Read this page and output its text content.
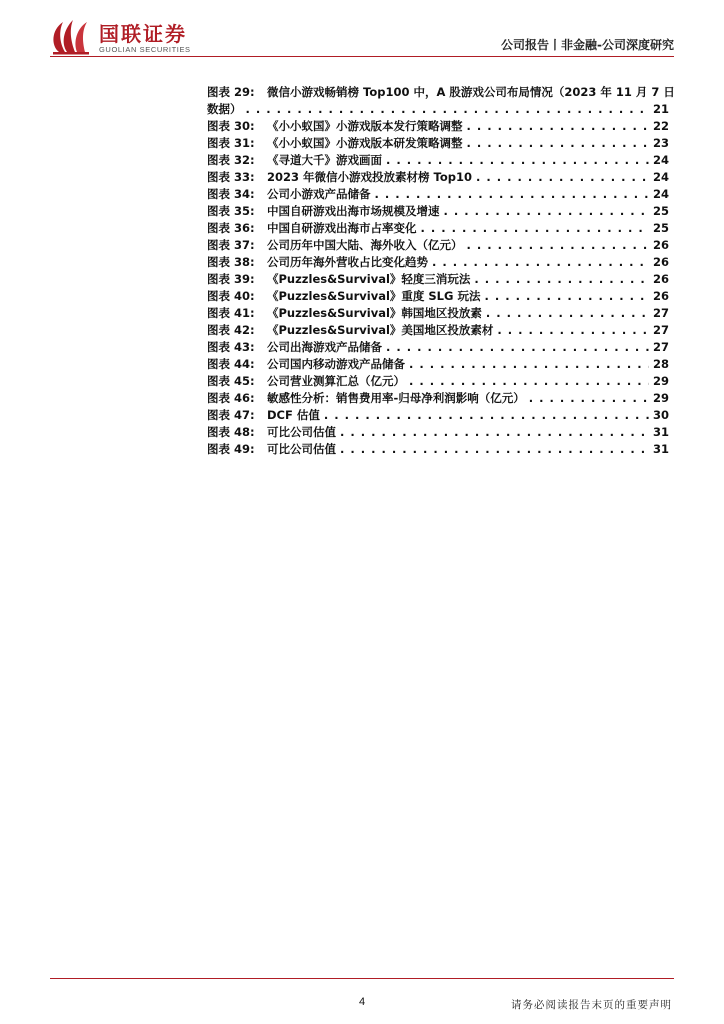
国联证券
GUOLIAN SECURITIES	公司报告丨非金融-公司深度研究
图表 29:	微信小游戏畅销榜 Top100 中，A 股游戏公司布局情况（2023 年 11 月 7 日
数据） . . .	21
图表 30:	《小小蚁国》小游戏版本发行策略调整 . . .	22
图表 31:	《小小蚁国》小游戏版本研发策略调整 . . .	23
图表 32:	《寻道大千》游戏画面 . . .	24
图表 33:	2023 年微信小游戏投放素材榜 Top10 . . .	24
图表 34:	公司小游戏产品储备 . . .	24
图表 35:	中国自研游戏出海市场规模及增速 . . .	25
图表 36:	中国自研游戏出海市占率变化 . . .	25
图表 37:	公司历年中国大陆、海外收入（亿元） . . .	26
图表 38:	公司历年海外营收占比变化趋势 . . .	26
图表 39:	《Puzzles&Survival》轻度三消玩法 . . .	26
图表 40:	《Puzzles&Survival》重度 SLG 玩法 . . .	26
图表 41:	《Puzzles&Survival》韩国地区投放素 . . .	27
图表 42:	《Puzzles&Survival》美国地区投放素材 . . .	27
图表 43:	公司出海游戏产品储备 . . .	27
图表 44:	公司国内移动游戏产品储备 . . .	28
图表 45:	公司营业测算汇总（亿元） . . .	29
图表 46:	敏感性分析：销售费用率-归母净利润影响（亿元） . . .	29
图表 47:	DCF 估值 . . .	30
图表 48:	可比公司估值 . . .	31
图表 49:	可比公司估值 . . .	31
4	请务必阅读报告末页的重要声明
